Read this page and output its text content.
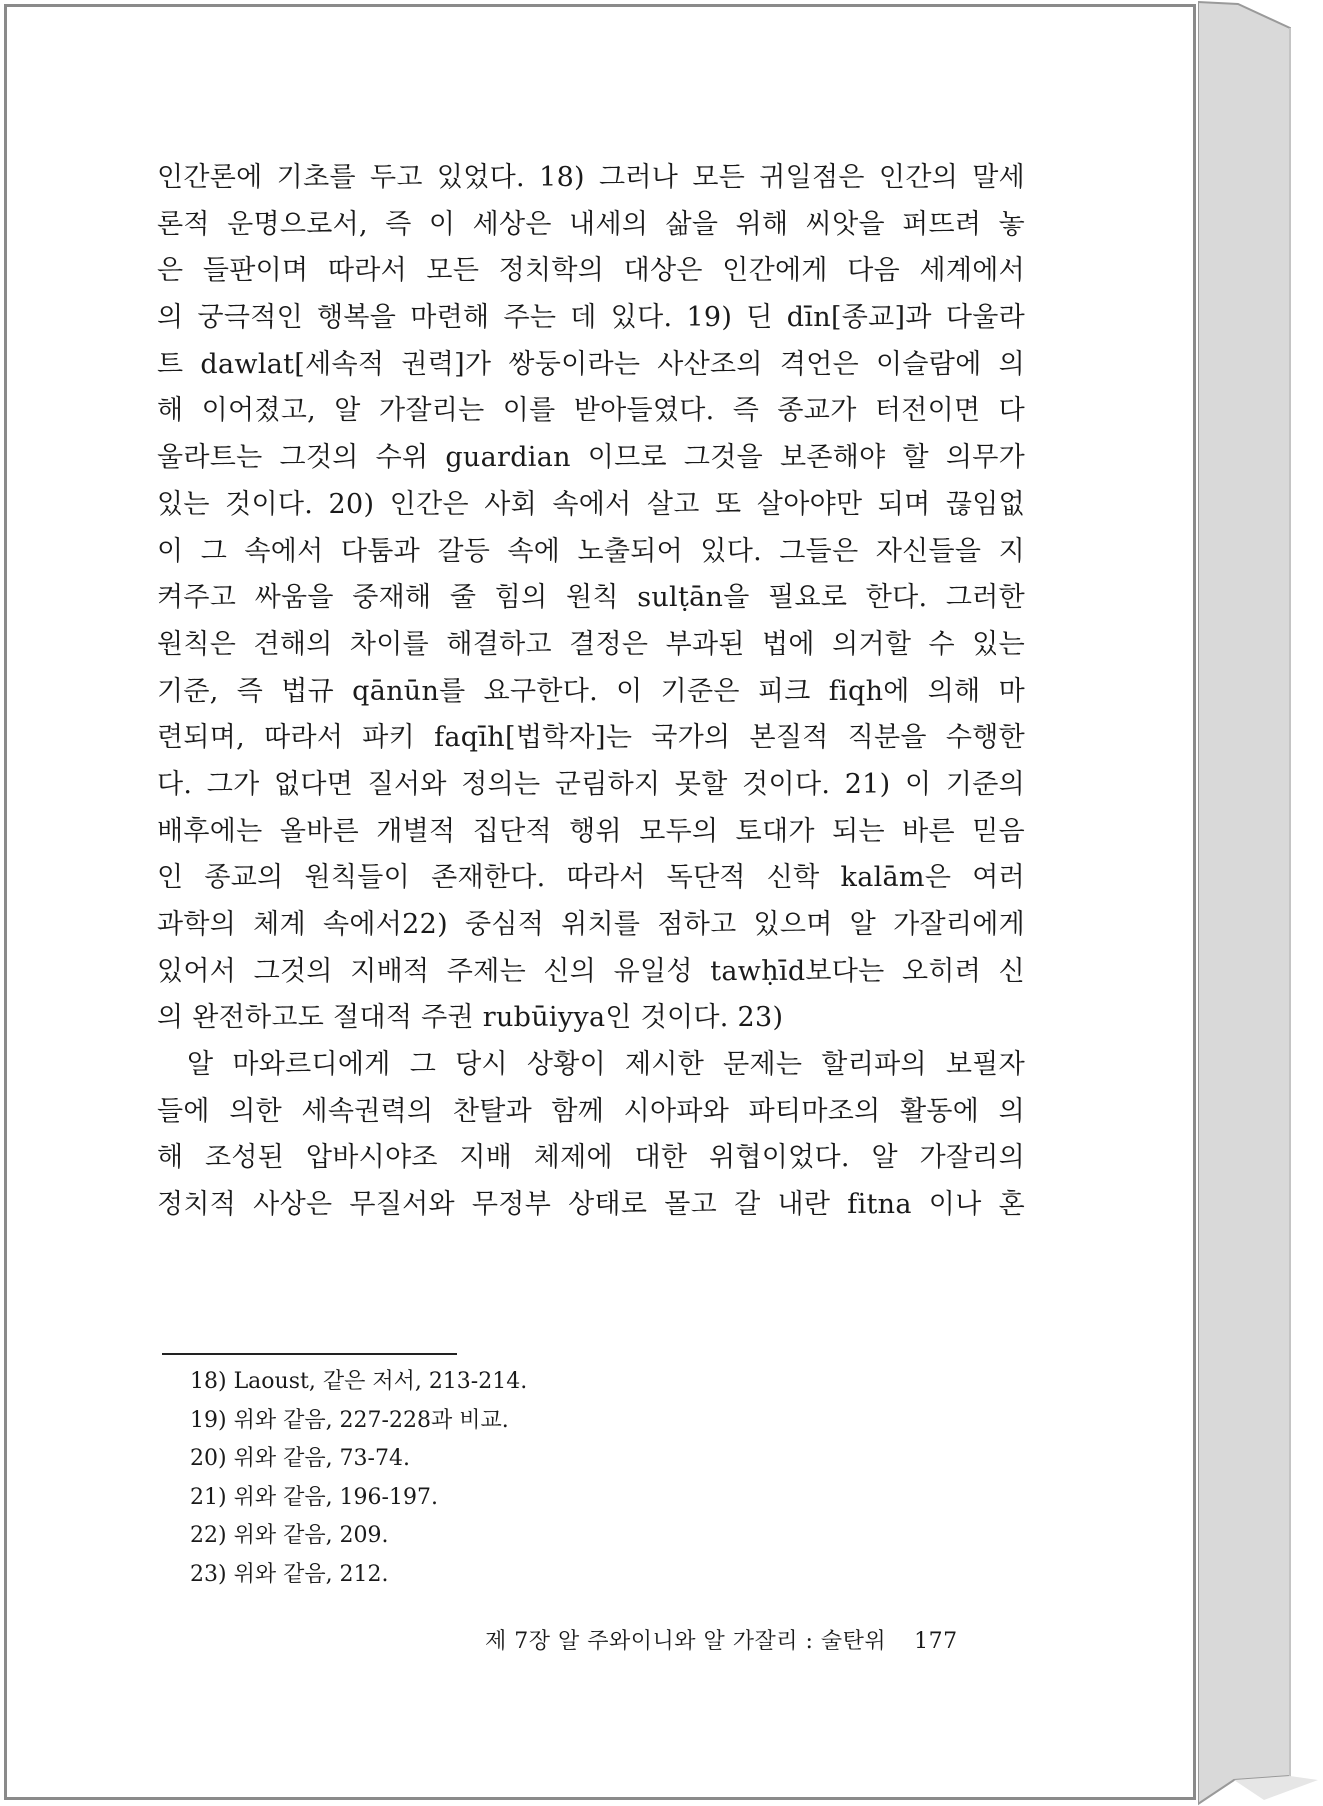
인간론에 기초를 두고 있었다. 18) 그러나 모든 귀일점은 인간의 말세
론적 운명으로서, 즉 이 세상은 내세의 삶을 위해 씨앗을 퍼뜨려 놓
은 들판이며 따라서 모든 정치학의 대상은 인간에게 다음 세계에서
의 궁극적인 행복을 마련해 주는 데 있다. 19) 딘 dīn[종교]과 다울라
트 dawlat[세속적 권력]가 쌍둥이라는 사산조의 격언은 이슬람에 의
해 이어졌고, 알 가잘리는 이를 받아들였다. 즉 종교가 터전이면 다
울라트는 그것의 수위 guardian 이므로 그것을 보존해야 할 의무가
있는 것이다. 20) 인간은 사회 속에서 살고 또 살아야만 되며 끊임없
이 그 속에서 다툼과 갈등 속에 노출되어 있다. 그들은 자신들을 지
켜주고 싸움을 중재해 줄 힘의 원칙 sulṭān을 필요로 한다. 그러한
원칙은 견해의 차이를 해결하고 결정은 부과된 법에 의거할 수 있는
기준, 즉 법규 qānūn를 요구한다. 이 기준은 피크 fiqh에 의해 마
련되며, 따라서 파키 faqīh[법학자]는 국가의 본질적 직분을 수행한
다. 그가 없다면 질서와 정의는 군림하지 못할 것이다. 21) 이 기준의
배후에는 올바른 개별적 집단적 행위 모두의 토대가 되는 바른 믿음
인 종교의 원칙들이 존재한다. 따라서 독단적 신학 kalām은 여러
과학의 체계 속에서22) 중심적 위치를 점하고 있으며 알 가잘리에게
있어서 그것의 지배적 주제는 신의 유일성 tawḥīd보다는 오히려 신
의 완전하고도 절대적 주권 rubūiyya인 것이다. 23)
알 마와르디에게 그 당시 상황이 제시한 문제는 할리파의 보필자
들에 의한 세속권력의 찬탈과 함께 시아파와 파티마조의 활동에 의
해 조성된 압바시야조 지배 체제에 대한 위협이었다. 알 가잘리의
정치적 사상은 무질서와 무정부 상태로 몰고 갈 내란 fitna 이나 혼
18) Laoust, 같은 저서, 213-214.
19) 위와 같음, 227-228과 비교.
20) 위와 같음, 73-74.
21) 위와 같음, 196-197.
22) 위와 같음, 209.
23) 위와 같음, 212.
제 7장 알 주와이니와 알 가잘리 : 술탄위 177
